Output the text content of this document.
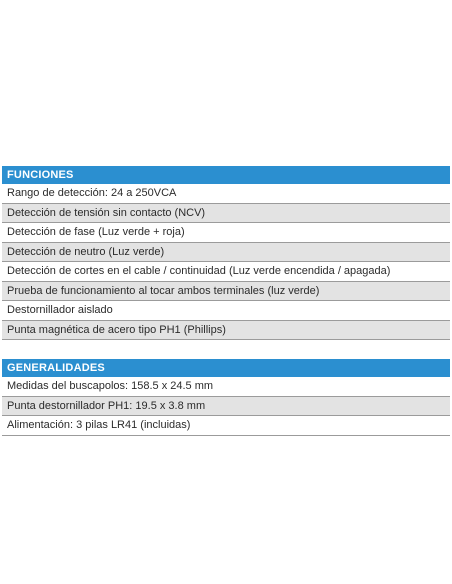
FUNCIONES
Rango de detección: 24 a 250VCA
Detección de tensión sin contacto (NCV)
Detección de fase (Luz verde + roja)
Detección de neutro (Luz verde)
Detección de cortes en el cable / continuidad (Luz verde encendida / apagada)
Prueba de funcionamiento al tocar ambos terminales (luz verde)
Destornillador aislado
Punta magnética de acero tipo PH1 (Phillips)
GENERALIDADES
Medidas del buscapolos: 158.5 x 24.5 mm
Punta destornillador PH1: 19.5 x 3.8 mm
Alimentación: 3 pilas LR41 (incluidas)
